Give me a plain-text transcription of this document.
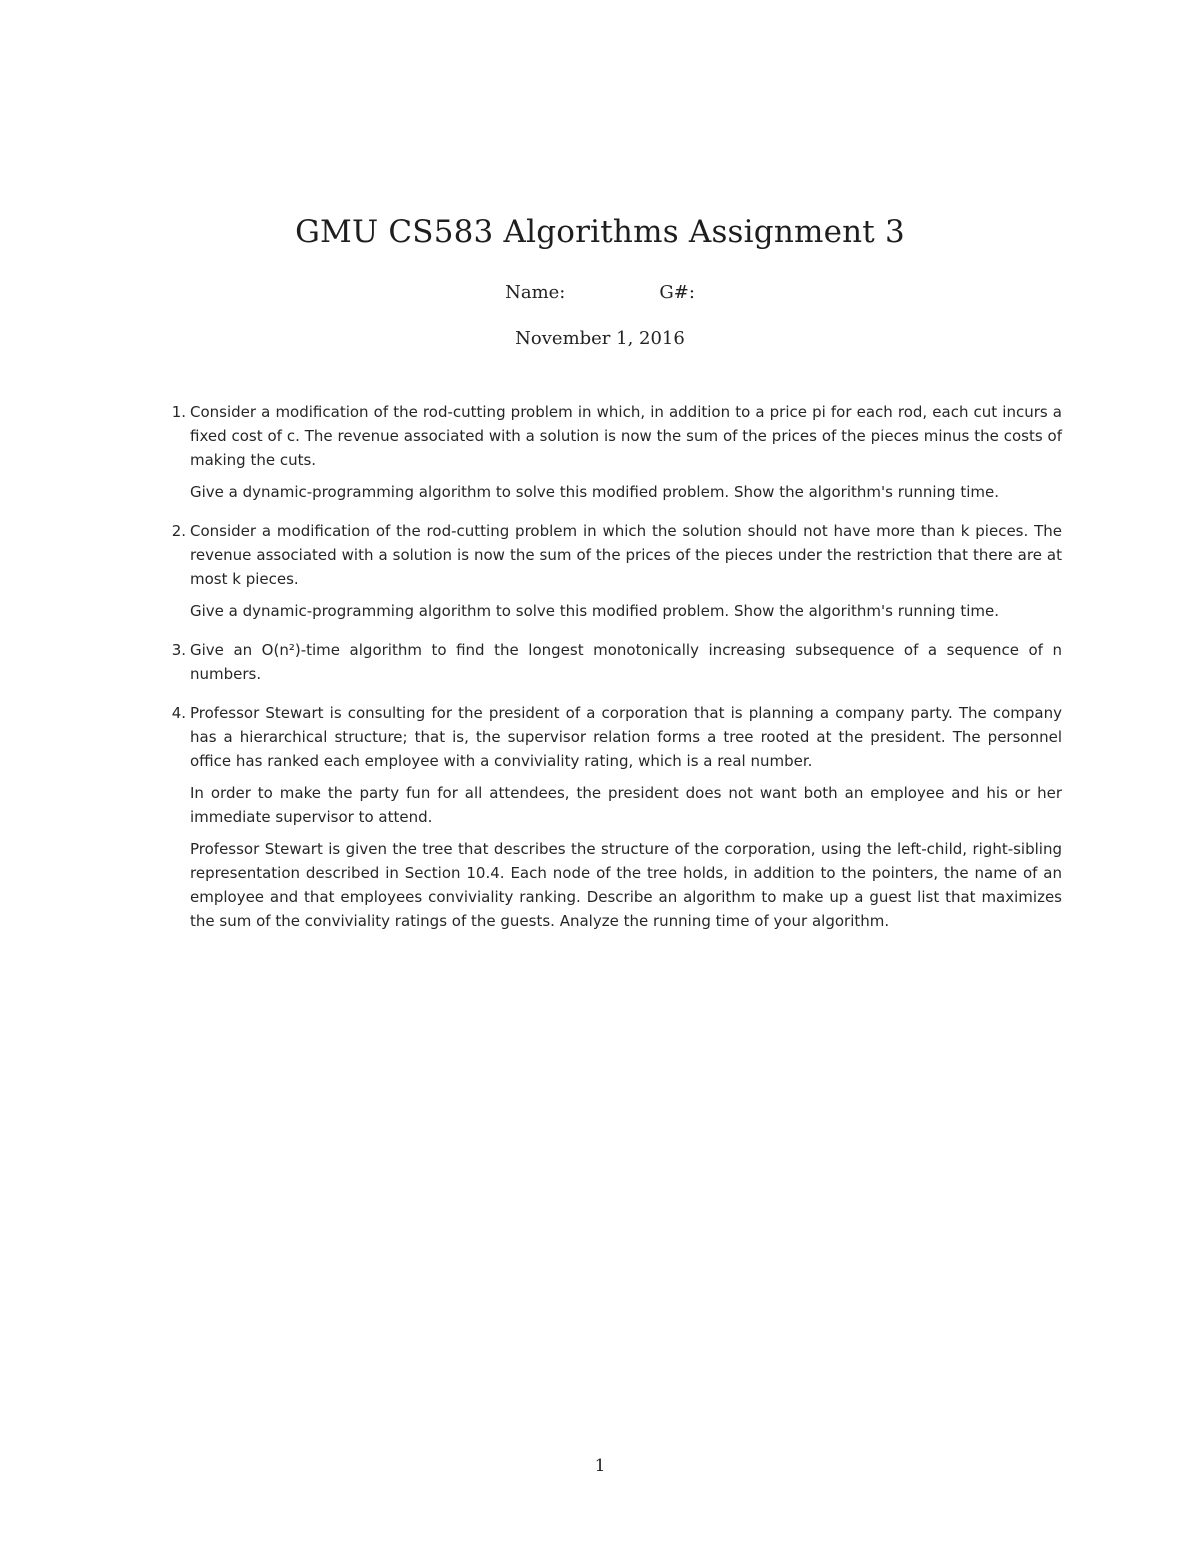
GMU CS583 Algorithms Assignment 3
Name:	G#:
November 1, 2016
1. Consider a modification of the rod-cutting problem in which, in addition to a price pi for each rod, each cut incurs a fixed cost of c. The revenue associated with a solution is now the sum of the prices of the pieces minus the costs of making the cuts.

Give a dynamic-programming algorithm to solve this modified problem. Show the algorithm's running time.

2. Consider a modification of the rod-cutting problem in which the solution should not have more than k pieces. The revenue associated with a solution is now the sum of the prices of the pieces under the restriction that there are at most k pieces.

Give a dynamic-programming algorithm to solve this modified problem. Show the algorithm's running time.

3. Give an O(n²)-time algorithm to find the longest monotonically increasing subsequence of a sequence of n numbers.

4. Professor Stewart is consulting for the president of a corporation that is planning a company party. The company has a hierarchical structure; that is, the supervisor relation forms a tree rooted at the president. The personnel office has ranked each employee with a conviviality rating, which is a real number.

In order to make the party fun for all attendees, the president does not want both an employee and his or her immediate supervisor to attend.

Professor Stewart is given the tree that describes the structure of the corporation, using the left-child, right-sibling representation described in Section 10.4. Each node of the tree holds, in addition to the pointers, the name of an employee and that employees conviviality ranking. Describe an algorithm to make up a guest list that maximizes the sum of the conviviality ratings of the guests. Analyze the running time of your algorithm.

1
